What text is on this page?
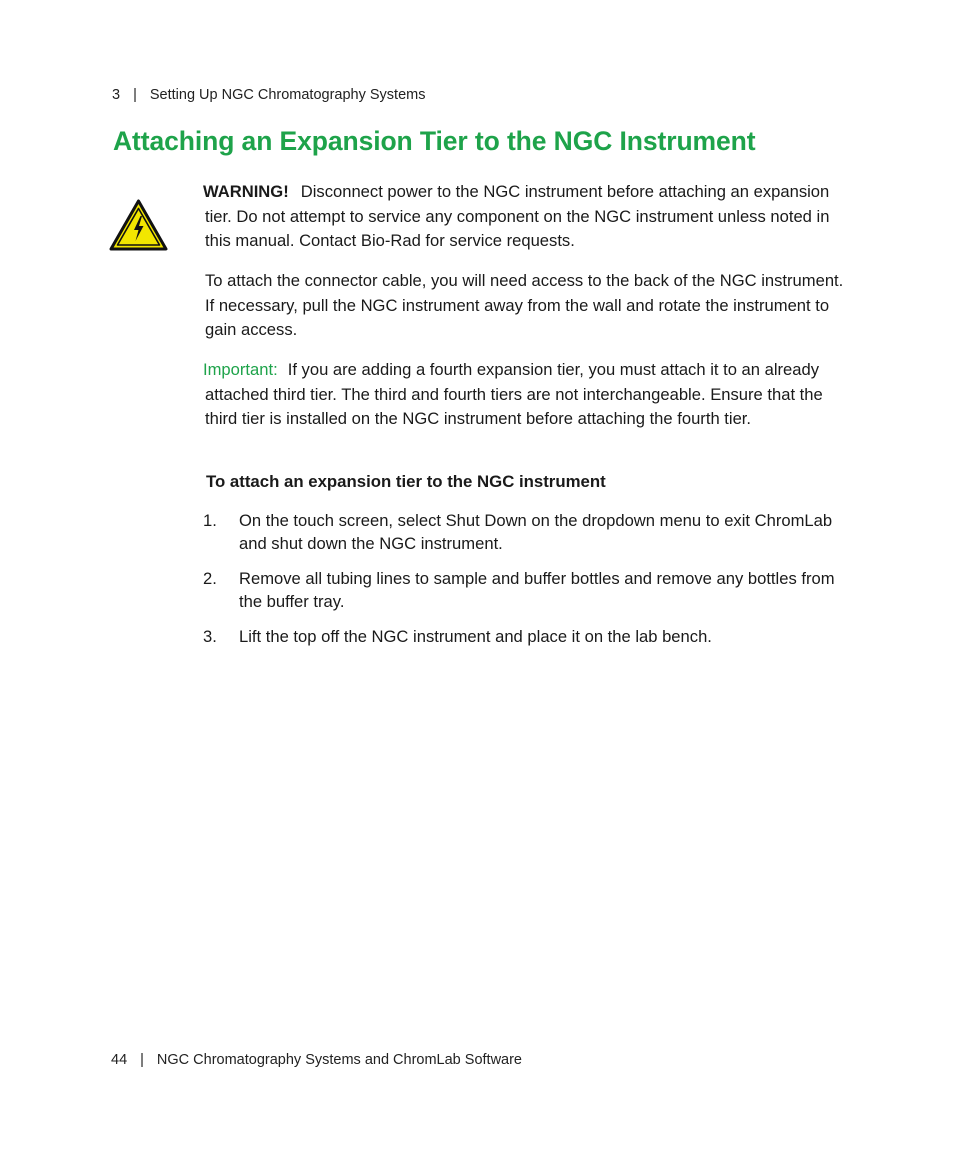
3 | Setting Up NGC Chromatography Systems
Attaching an Expansion Tier to the NGC Instrument

WARNING! Disconnect power to the NGC instrument before attaching an expansion tier. Do not attempt to service any component on the NGC instrument unless noted in this manual. Contact Bio-Rad for service requests.

To attach the connector cable, you will need access to the back of the NGC instrument. If necessary, pull the NGC instrument away from the wall and rotate the instrument to gain access.

Important: If you are adding a fourth expansion tier, you must attach it to an already attached third tier. The third and fourth tiers are not interchangeable. Ensure that the third tier is installed on the NGC instrument before attaching the fourth tier.

To attach an expansion tier to the NGC instrument
1.	On the touch screen, select Shut Down on the dropdown menu to exit ChromLab and shut down the NGC instrument.
2.	Remove all tubing lines to sample and buffer bottles and remove any bottles from the buffer tray.
3.	Lift the top off the NGC instrument and place it on the lab bench.
44 | NGC Chromatography Systems and ChromLab Software
